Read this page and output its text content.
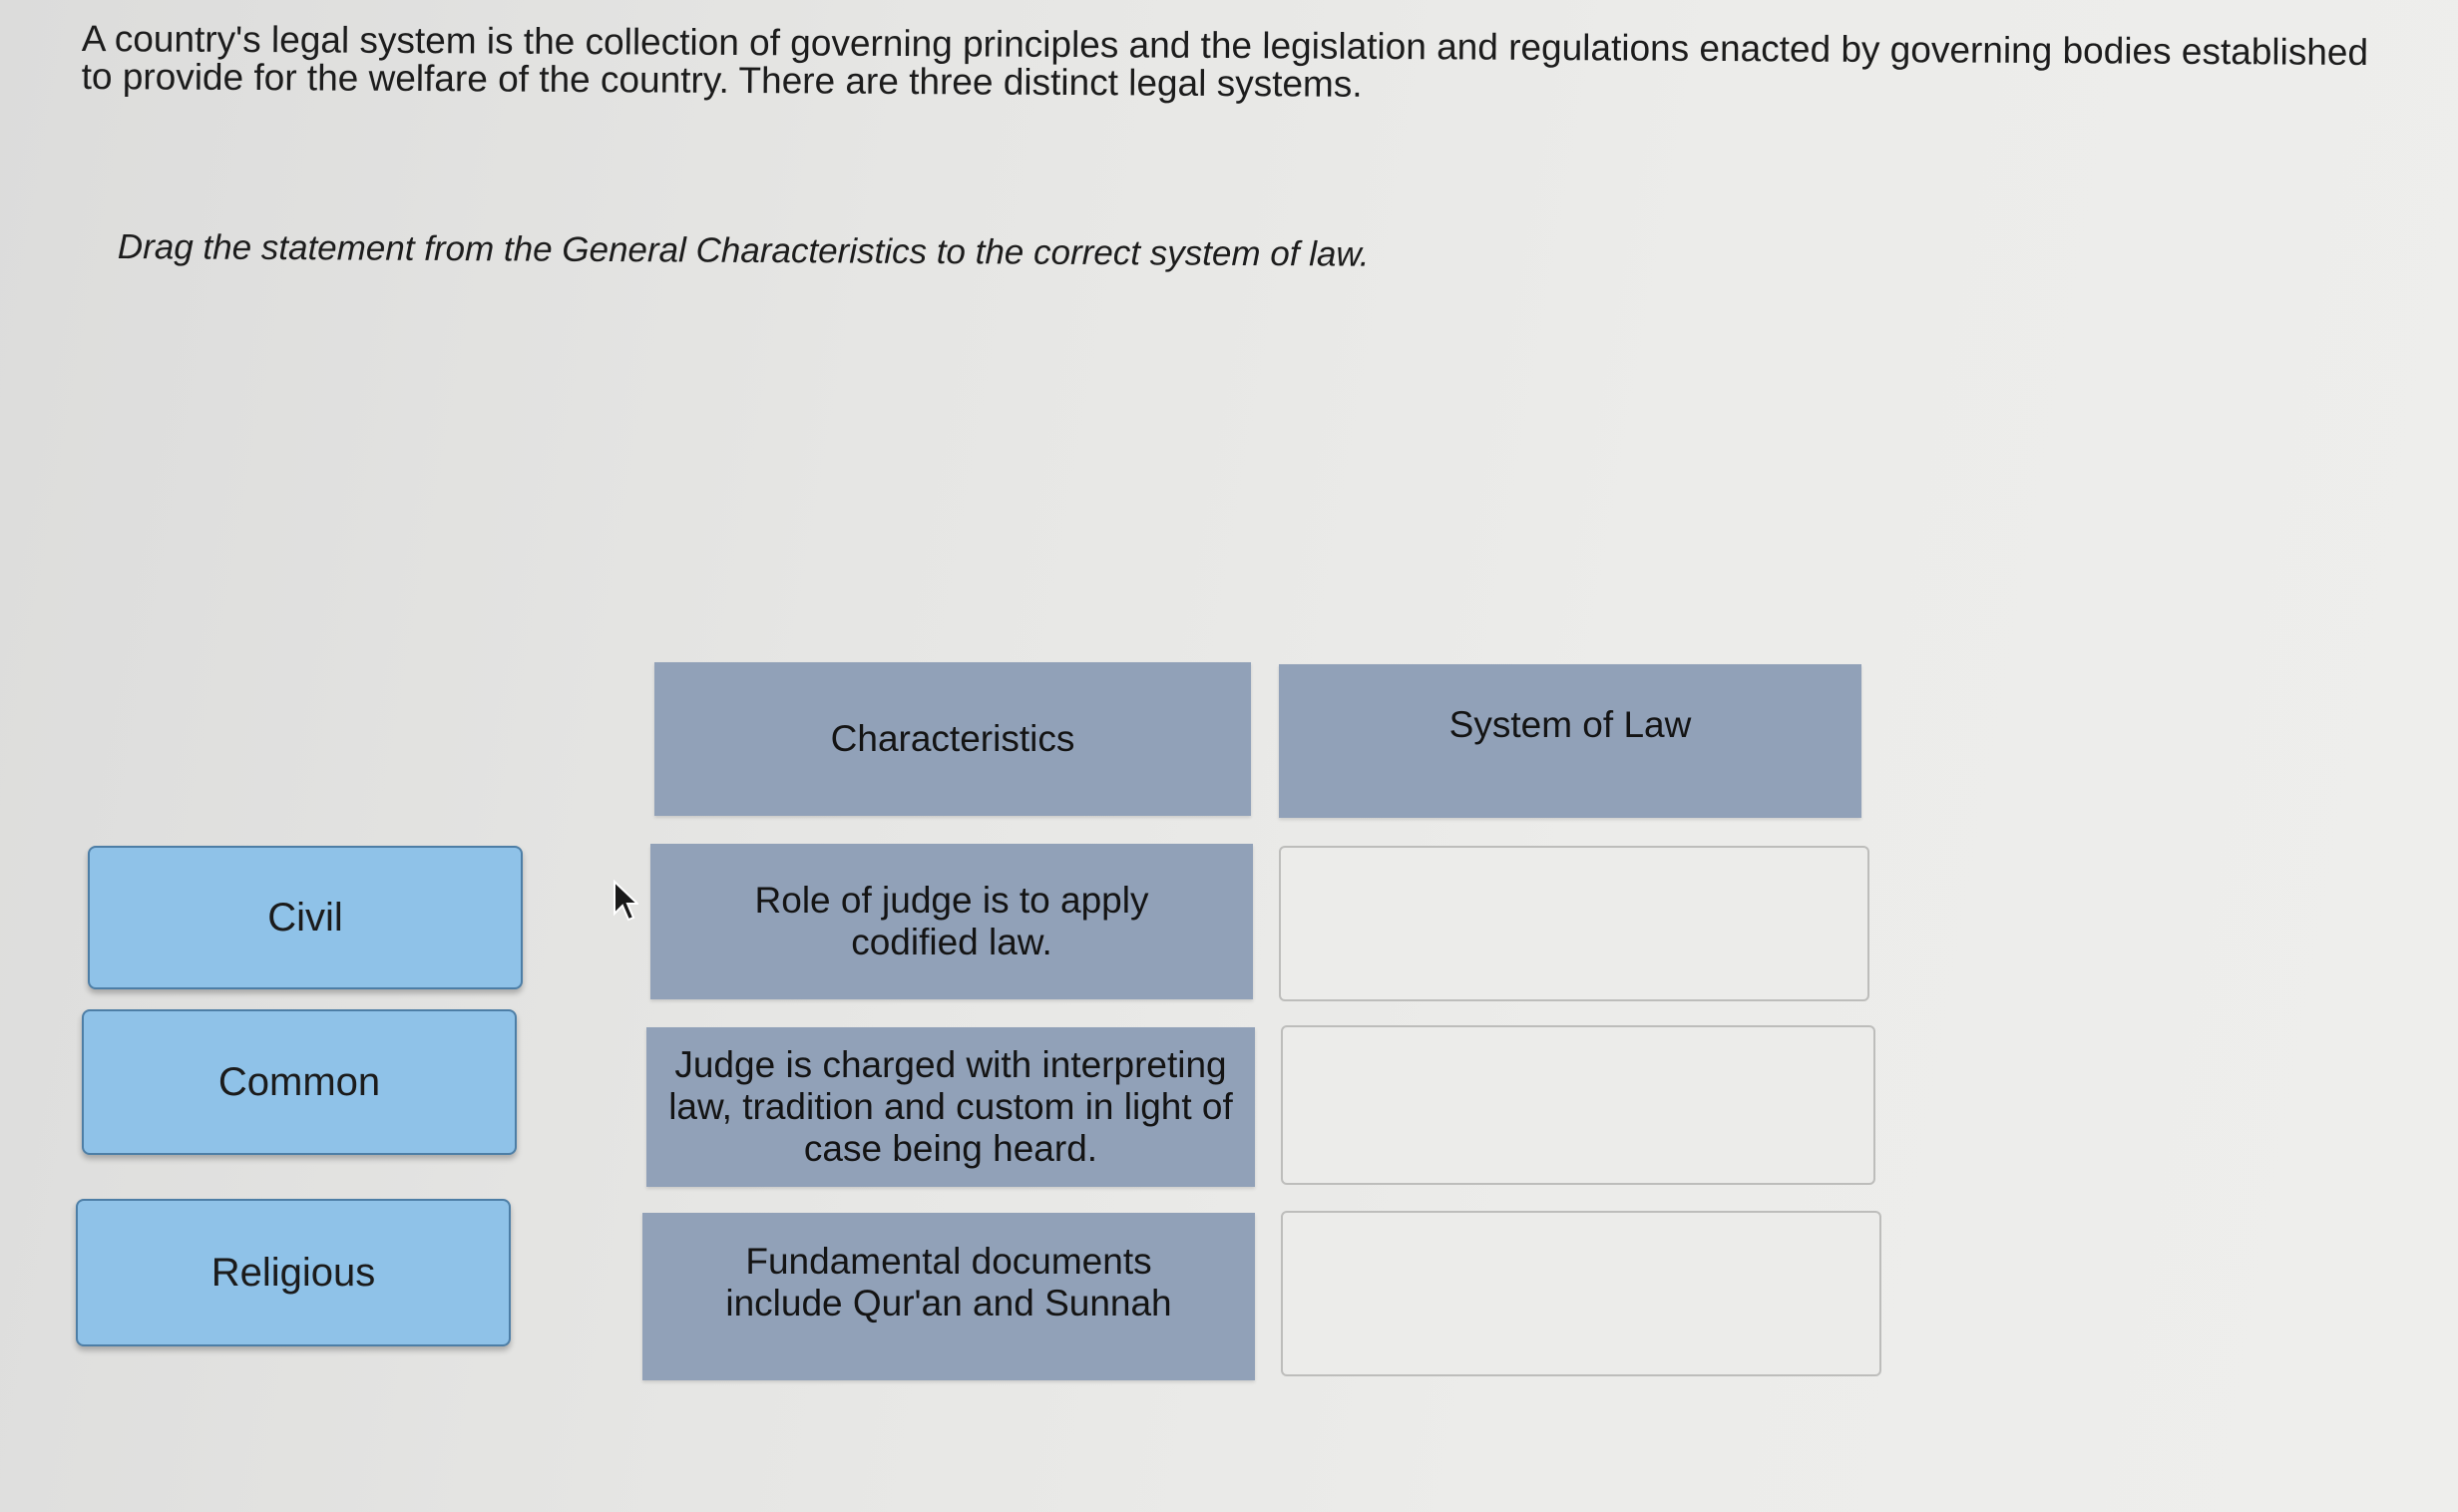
A country's legal system is the collection of governing principles and the legislation and regulations enacted by governing bodies established to provide for the welfare of the country. There are three distinct legal systems.

Drag the statement from the General Characteristics to the correct system of law.

Civil
Common
Religious
Characteristics	System of Law
Role of judge is to apply codified law.
Judge is charged with interpreting law, tradition and custom in light of case being heard.
Fundamental documents include Qur'an and Sunnah
